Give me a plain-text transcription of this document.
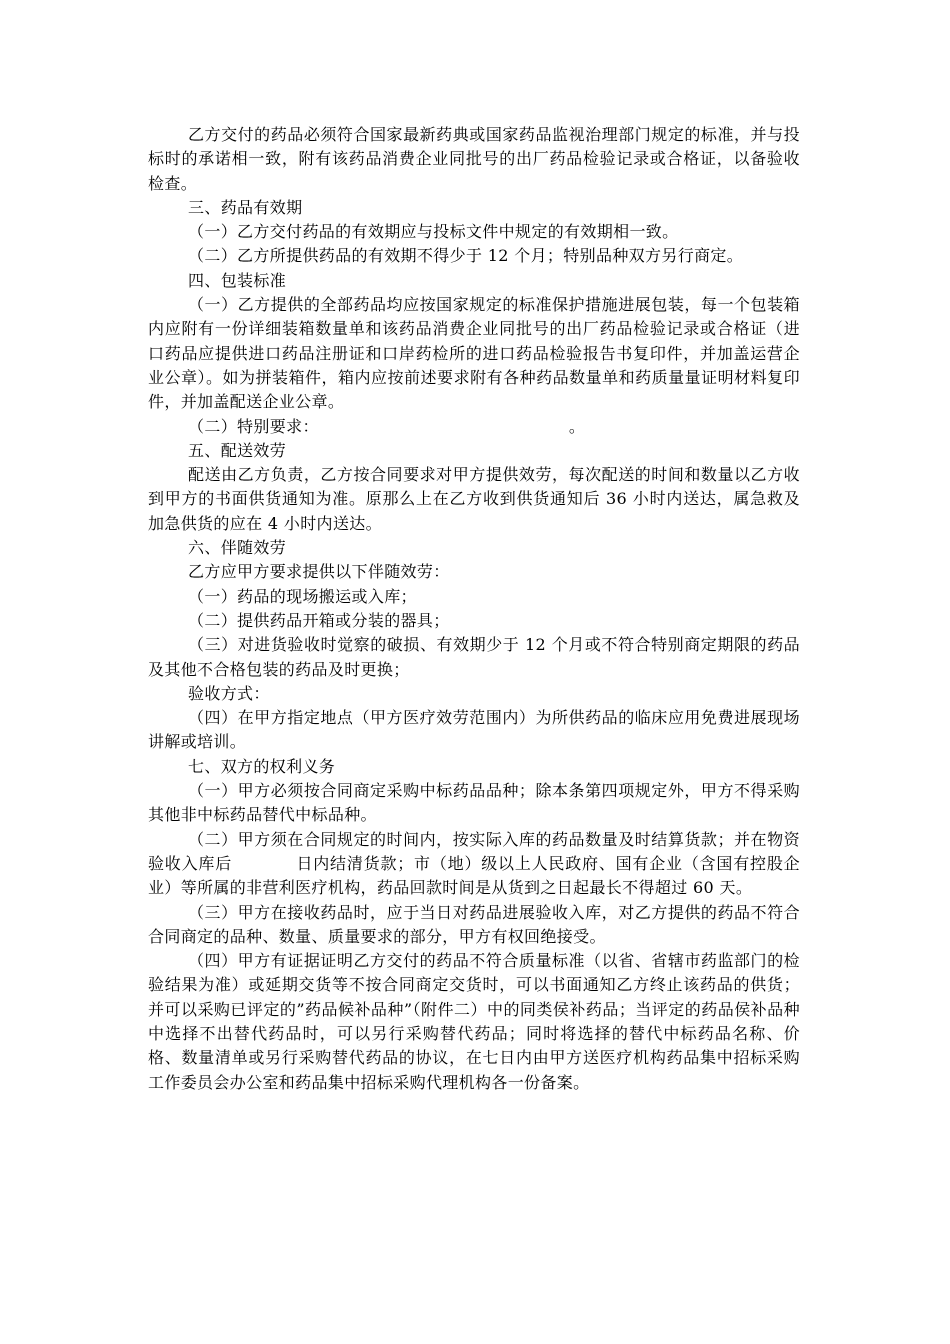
乙方交付的药品必须符合国家最新药典或国家药品监视治理部门规定的标准，并与投标时的承诺相一致，附有该药品消费企业同批号的出厂药品检验记录或合格证，以备验收检查。

三、药品有效期

（一）乙方交付药品的有效期应与投标文件中规定的有效期相一致。

（二）乙方所提供药品的有效期不得少于 12 个月；特别品种双方另行商定。

四、包装标准

（一）乙方提供的全部药品均应按国家规定的标准保护措施进展包装，每一个包装箱内应附有一份详细装箱数量单和该药品消费企业同批号的出厂药品检验记录或合格证（进口药品应提供进口药品注册证和口岸药检所的进口药品检验报告书复印件，并加盖运营企业公章）。如为拼装箱件，箱内应按前述要求附有各种药品数量单和药质量量证明材料复印件，并加盖配送企业公章。

（二）特别要求：	。

五、配送效劳

配送由乙方负责，乙方按合同要求对甲方提供效劳，每次配送的时间和数量以乙方收到甲方的书面供货通知为准。原那么上在乙方收到供货通知后 36 小时内送达，属急救及加急供货的应在 4 小时内送达。

六、伴随效劳

乙方应甲方要求提供以下伴随效劳：

（一）药品的现场搬运或入库；

（二）提供药品开箱或分装的器具；

（三）对进货验收时觉察的破损、有效期少于 12 个月或不符合特别商定期限的药品及其他不合格包装的药品及时更换；

验收方式：

（四）在甲方指定地点（甲方医疗效劳范围内）为所供药品的临床应用免费进展现场讲解或培训。

七、双方的权利义务

（一）甲方必须按合同商定采购中标药品品种；除本条第四项规定外，甲方不得采购其他非中标药品替代中标品种。

（二）甲方须在合同规定的时间内，按实际入库的药品数量及时结算货款；并在物资验收入库后	日内结清货款；市（地）级以上人民政府、国有企业（含国有控股企业）等所属的非营利医疗机构，药品回款时间是从货到之日起最长不得超过 60 天。

（三）甲方在接收药品时，应于当日对药品进展验收入库，对乙方提供的药品不符合合同商定的品种、数量、质量要求的部分，甲方有权回绝接受。

（四）甲方有证据证明乙方交付的药品不符合质量标准（以省、省辖市药监部门的检验结果为准）或延期交货等不按合同商定交货时，可以书面通知乙方终止该药品的供货；并可以采购已评定的”药品候补品种”（附件二）中的同类侯补药品；当评定的药品侯补品种中选择不出替代药品时，可以另行采购替代药品；同时将选择的替代中标药品名称、价格、数量清单或另行采购替代药品的协议，在七日内由甲方送医疗机构药品集中招标采购工作委员会办公室和药品集中招标采购代理机构各一份备案。
